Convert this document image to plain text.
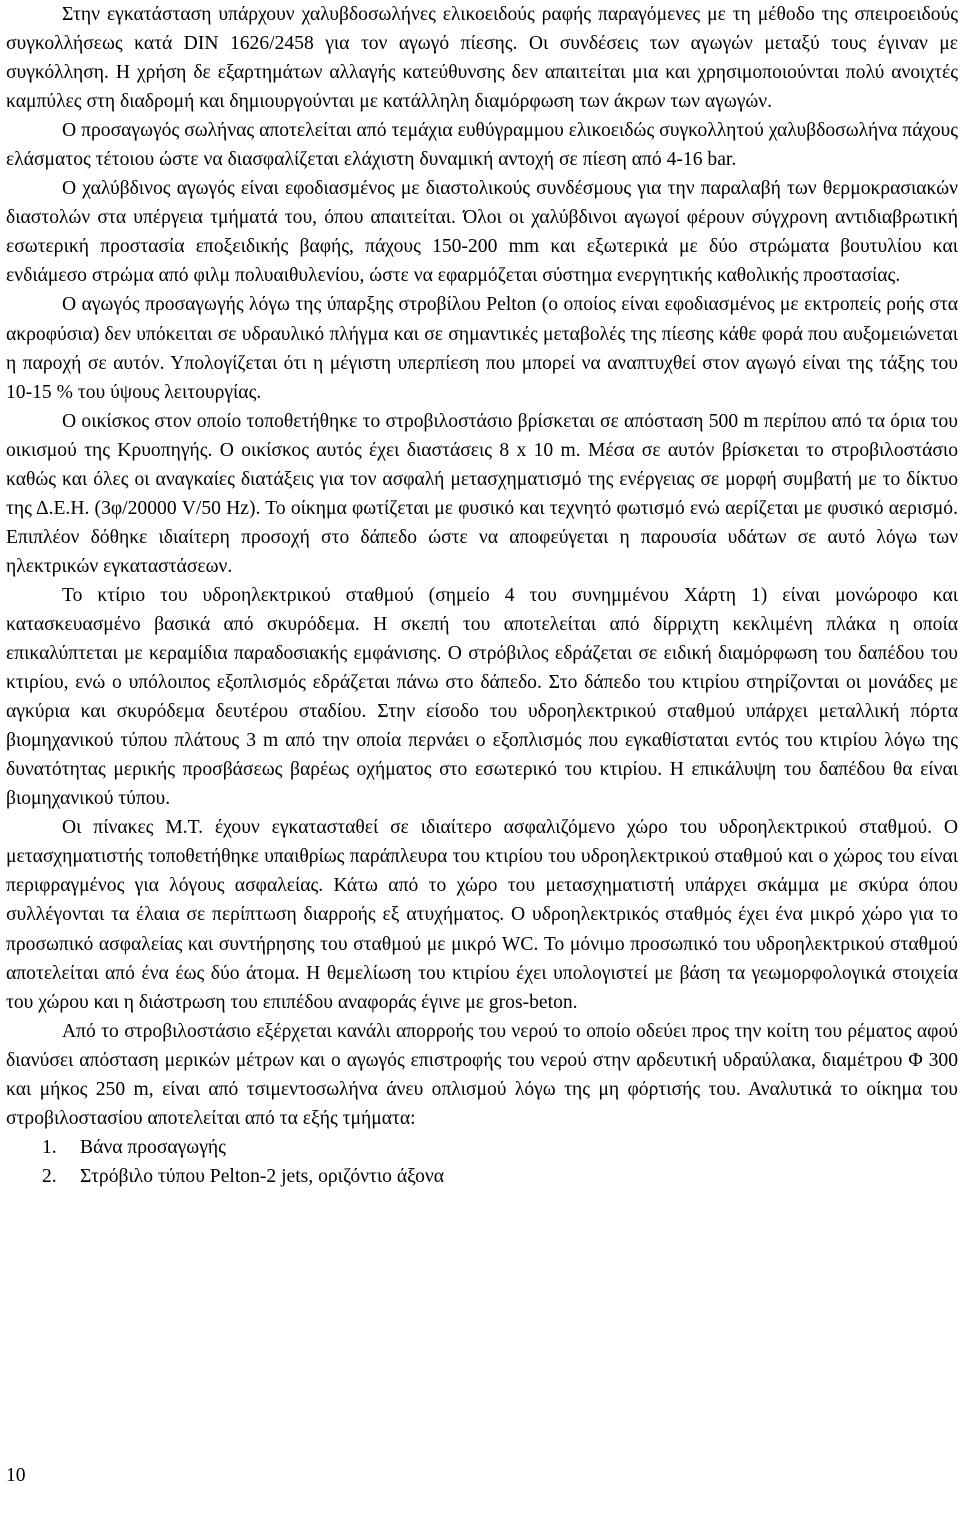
Στην εγκατάσταση υπάρχουν χαλυβδοσωλήνες ελικοειδούς ραφής παραγόμενες με τη μέθοδο της σπειροειδούς συγκολλήσεως κατά DIN 1626/2458 για τον αγωγό πίεσης. Οι συνδέσεις των αγωγών μεταξύ τους έγιναν με συγκόλληση. Η χρήση δε εξαρτημάτων αλλαγής κατεύθυνσης δεν απαιτείται μια και χρησιμοποιούνται πολύ ανοιχτές καμπύλες στη διαδρομή και δημιουργούνται με κατάλληλη διαμόρφωση των άκρων των αγωγών.

Ο προσαγωγός σωλήνας αποτελείται από τεμάχια ευθύγραμμου ελικοειδώς συγκολλητού χαλυβδοσωλήνα πάχους ελάσματος τέτοιου ώστε να διασφαλίζεται ελάχιστη δυναμική αντοχή σε πίεση από 4-16 bar.

Ο χαλύβδινος αγωγός είναι εφοδιασμένος με διαστολικούς συνδέσμους για την παραλαβή των θερμοκρασιακών διαστολών στα υπέργεια τμήματά του, όπου απαιτείται. Όλοι οι χαλύβδινοι αγωγοί φέρουν σύγχρονη αντιδιαβρωτική εσωτερική προστασία εποξειδικής βαφής, πάχους 150-200 mm και εξωτερικά με δύο στρώματα βουτυλίου και ενδιάμεσο στρώμα από φιλμ πολυαιθυλενίου, ώστε να εφαρμόζεται σύστημα ενεργητικής καθολικής προστασίας.

Ο αγωγός προσαγωγής λόγω της ύπαρξης στροβίλου Pelton (ο οποίος είναι εφοδιασμένος με εκτροπείς ροής στα ακροφύσια) δεν υπόκειται σε υδραυλικό πλήγμα και σε σημαντικές μεταβολές της πίεσης κάθε φορά που αυξομειώνεται η παροχή σε αυτόν. Υπολογίζεται ότι η μέγιστη υπερπίεση που μπορεί να αναπτυχθεί στον αγωγό είναι της τάξης του 10-15 % του ύψους λειτουργίας.

Ο οικίσκος στον οποίο τοποθετήθηκε το στροβιλοστάσιο βρίσκεται σε απόσταση 500 m περίπου από τα όρια του οικισμού της Κρυοπηγής. Ο οικίσκος αυτός έχει διαστάσεις 8 x 10 m. Μέσα σε αυτόν βρίσκεται το στροβιλοστάσιο καθώς και όλες οι αναγκαίες διατάξεις για τον ασφαλή μετασχηματισμό της ενέργειας σε μορφή συμβατή με το δίκτυο της Δ.Ε.Η. (3φ/20000 V/50 Hz). Το οίκημα φωτίζεται με φυσικό και τεχνητό φωτισμό ενώ αερίζεται με φυσικό αερισμό. Επιπλέον δόθηκε ιδιαίτερη προσοχή στο δάπεδο ώστε να αποφεύγεται η παρουσία υδάτων σε αυτό λόγω των ηλεκτρικών εγκαταστάσεων.

Το κτίριο του υδροηλεκτρικού σταθμού (σημείο 4 του συνημμένου Χάρτη 1) είναι μονώροφο και κατασκευασμένο βασικά από σκυρόδεμα. Η σκεπή του αποτελείται από δίρριχτη κεκλιμένη πλάκα η οποία επικαλύπτεται με κεραμίδια παραδοσιακής εμφάνισης. Ο στρόβιλος εδράζεται σε ειδική διαμόρφωση του δαπέδου του κτιρίου, ενώ ο υπόλοιπος εξοπλισμός εδράζεται πάνω στο δάπεδο. Στο δάπεδο του κτιρίου στηρίζονται οι μονάδες με αγκύρια και σκυρόδεμα δευτέρου σταδίου. Στην είσοδο του υδροηλεκτρικού σταθμού υπάρχει μεταλλική πόρτα βιομηχανικού τύπου πλάτους 3 m από την οποία περνάει ο εξοπλισμός που εγκαθίσταται εντός του κτιρίου λόγω της δυνατότητας μερικής προσβάσεως βαρέως οχήματος στο εσωτερικό του κτιρίου. Η επικάλυψη του δαπέδου θα είναι βιομηχανικού τύπου.

Οι πίνακες Μ.Τ. έχουν εγκατασταθεί σε ιδιαίτερο ασφαλιζόμενο χώρο του υδροηλεκτρικού σταθμού. Ο μετασχηματιστής τοποθετήθηκε υπαιθρίως παράπλευρα του κτιρίου του υδροηλεκτρικού σταθμού και ο χώρος του είναι περιφραγμένος για λόγους ασφαλείας. Κάτω από το χώρο του μετασχηματιστή υπάρχει σκάμμα με σκύρα όπου συλλέγονται τα έλαια σε περίπτωση διαρροής εξ ατυχήματος. Ο υδροηλεκτρικός σταθμός έχει ένα μικρό χώρο για το προσωπικό ασφαλείας και συντήρησης του σταθμού με μικρό WC. Το μόνιμο προσωπικό του υδροηλεκτρικού σταθμού αποτελείται από ένα έως δύο άτομα. Η θεμελίωση του κτιρίου έχει υπολογιστεί με βάση τα γεωμορφολογικά στοιχεία του χώρου και η διάστρωση του επιπέδου αναφοράς έγινε με gros-beton.

Από το στροβιλοστάσιο εξέρχεται κανάλι απορροής του νερού το οποίο οδεύει προς την κοίτη του ρέματος αφού διανύσει απόσταση μερικών μέτρων και ο αγωγός επιστροφής του νερού στην αρδευτική υδραύλακα, διαμέτρου Φ 300 και μήκος 250 m, είναι από τσιμεντοσωλήνα άνευ οπλισμού λόγω της μη φόρτισής του. Αναλυτικά το οίκημα του στροβιλοστασίου αποτελείται από τα εξής τμήματα:

1.	Βάνα προσαγωγής
2.	Στρόβιλο τύπου Pelton-2 jets, οριζόντιο άξονα
10
